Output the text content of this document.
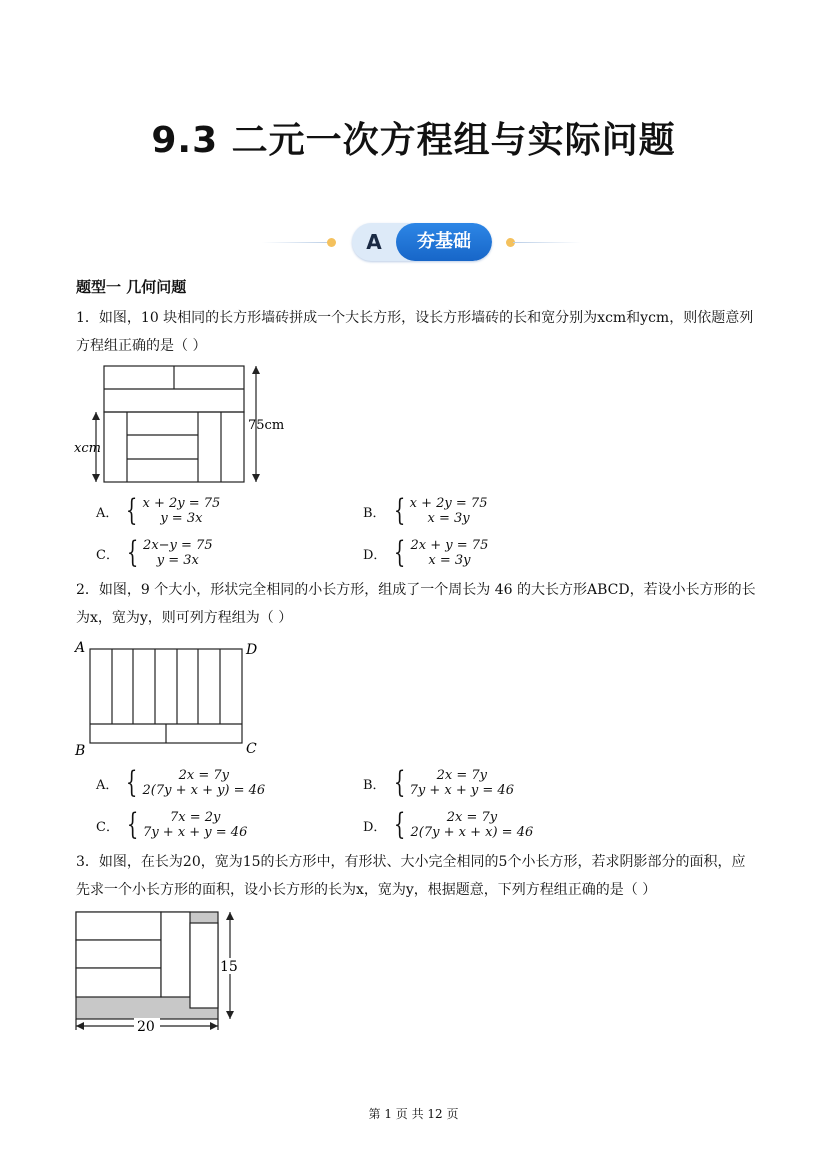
9.3 二元一次方程组与实际问题
A	夯基础
题型一 几何问题
1．如图，10 块相同的长方形墙砖拼成一个大长方形，设长方形墙砖的长和宽分别为xcm和ycm，则依题意列方程组正确的是（ ）
xcm
75cm
A． { x + 2y = 75
y = 3x	B． { x + 2y = 75
x = 3y
C． { 2x−y = 75
y = 3x	D． { 2x + y = 75
x = 3y
2．如图，9 个大小，形状完全相同的小长方形，组成了一个周长为 46 的大长方形ABCD，若设小长方形的长为x，宽为y，则可列方程组为（ ）
A	D
B	C
A． {	2x = 7y
2(7y + x + y) = 46	B． {	2x = 7y
7y + x + y = 46
C． {	7x = 2y
7y + x + y = 46	D． {	2x = 7y
2(7y + x + x) = 46
3．如图，在长为20，宽为15的长方形中，有形状、大小完全相同的5个小长方形，若求阴影部分的面积，应先求一个小长方形的面积，设小长方形的长为x，宽为y，根据题意，下列方程组正确的是（ ）
15
20
第 1 页 共 12 页
